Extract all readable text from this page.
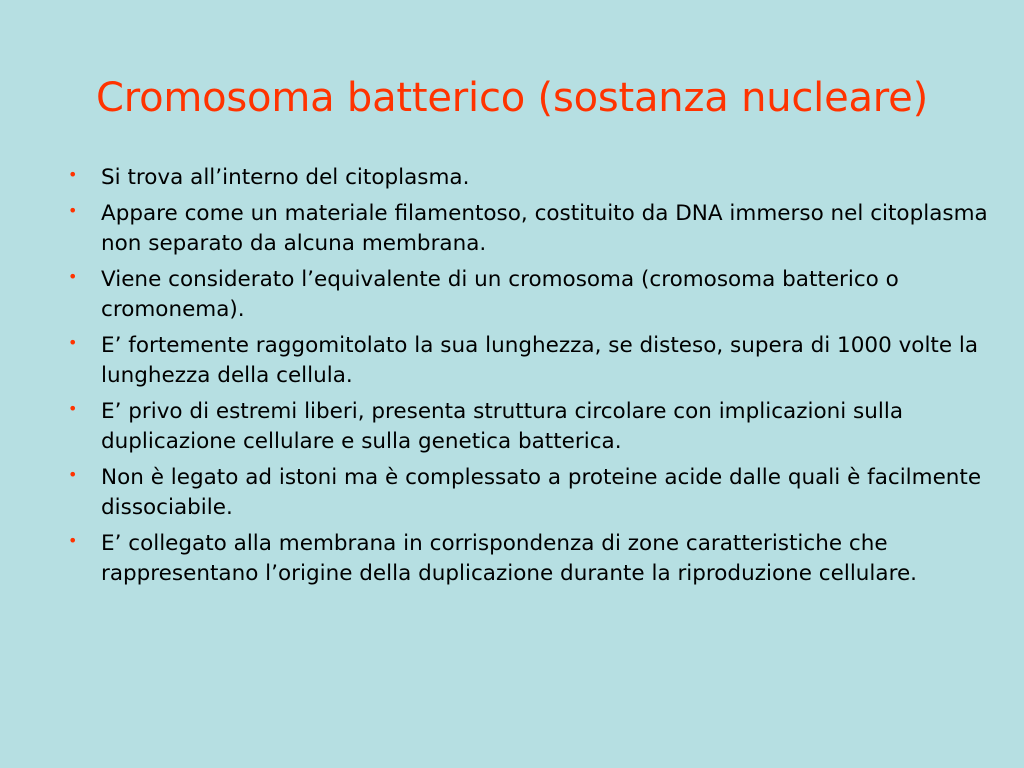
Cromosoma batterico (sostanza nucleare)
• Si trova all’interno del citoplasma.
• Appare come un materiale filamentoso, costituito da DNA immerso nel citoplasma non separato da alcuna membrana.
• Viene considerato l’equivalente di un cromosoma (cromosoma batterico o cromonema).
• E’ fortemente raggomitolato la sua lunghezza, se disteso, supera di 1000 volte la lunghezza della cellula.
• E’ privo di estremi liberi, presenta struttura circolare con implicazioni sulla duplicazione cellulare e sulla genetica batterica.
• Non è legato ad istoni ma è complessato a proteine acide dalle quali è facilmente dissociabile.
• E’ collegato alla membrana in corrispondenza di zone caratteristiche che rappresentano l’origine della duplicazione durante la riproduzione cellulare.
